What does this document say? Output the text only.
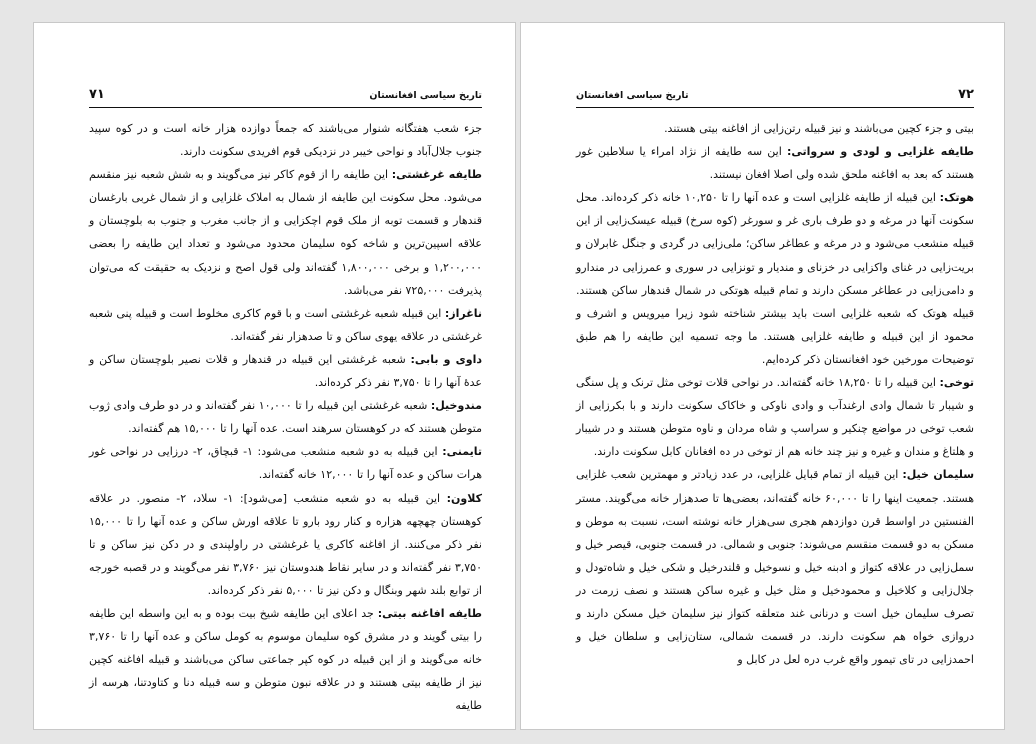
تاریخ سیاسی افغانستان
۷۱

جزء شعب هفتگانه شنوار می‌باشند که جمعاً دوازده هزار خانه است و در کوه سپید جنوب جلال‌آباد و نواحی خیبر در نزدیکی قوم افریدی سکونت دارند.

طایفه غرغشتی: این طایفه را از قوم کاکر نیز می‌گویند و به شش شعبه نیز منقسم می‌شود. محل سکونت این طایفه از شمال به املاک غلزایی و از شمال غربی بارغسان قندهار و قسمت توبه از ملک قوم اچکزایی و از جانب مغرب و جنوب به بلوچستان و علاقه اسپین‌ترین و شاخه کوه سلیمان محدود می‌شود و تعداد این طایفه را بعضی ۱,۲۰۰,۰۰۰ و برخی ۱,۸۰۰,۰۰۰ گفته‌اند ولی قول اصح و نزدیک به حقیقت که می‌توان پذیرفت ۷۲۵,۰۰۰ نفر می‌باشد.

ناغراز: این قبیله شعبه غرغشتی است و با قوم کاکری مخلوط است و قبیله پنی شعبه غرغشتی در علاقه یهوی ساکن و تا صدهزار نفر گفته‌اند.

داوی و بابی: شعبه غرغشتی این قبیله در قندهار و قلات نصیر بلوچستان ساکن و عدهٔ آنها را تا ۳,۷۵۰ نفر ذکر کرده‌اند.

مندوخیل: شعبه غرغشتی این قبیله را تا ۱۰,۰۰۰ نفر گفته‌اند و در دو طرف وادی ژوب متوطن هستند که در کوهستان سرهند است. عده آنها را تا ۱۵,۰۰۰ هم گفته‌اند.

تایمنی: این قبیله به دو شعبه منشعب می‌شود: ۱- قبچاق، ۲- درزایی در نواحی غور هرات ساکن و عده آنها را تا ۱۲,۰۰۰ خانه گفته‌اند.

کلاون: این قبیله به دو شعبه منشعب [می‌شود]: ۱- سلاد، ۲- منصور. در علاقه کوهستان چهچهه هزاره و کنار رود بارو تا علاقه اورش ساکن و عده آنها را تا ۱۵,۰۰۰ نفر ذکر می‌کنند. از افاغنه کاکری یا غرغشتی در راولپندی و در دکن نیز ساکن و تا ۳,۷۵۰ نفر گفته‌اند و در سایر نقاط هندوستان نیز ۳,۷۶۰ نفر می‌گویند و در قصبه خورجه از توابع بلند شهر وبنگال و دکن نیز تا ۵,۰۰۰ نفر ذکر کرده‌اند.

طایفه افاغنه بیتی: جد اعلای این طایفه شیخ بیت بوده و به این واسطه این طایفه را بیتی گویند و در مشرق کوه سلیمان موسوم به کومل ساکن و عده آنها را تا ۳,۷۶۰ خانه می‌گویند و از این قبیله در کوه کپر جماعتی ساکن می‌باشند و قبیله افاغنه کچین نیز از طایفه بیتی هستند و در علاقه نبون متوطن و سه قبیله دنا و کتاودتنا، هرسه از طایفه

تاریخ سیاسی افغانستان	۷۲

بیتی و جزء کچین می‌باشند و نیز قبیله رتن‌زایی از افاغنه بیتی هستند.

طایفه غلزایی و لودی و سرواتی: این سه طایفه از نژاد امراء یا سلاطین غور هستند که بعد به افاغنه ملحق شده ولی اصلا افغان نیستند.

هوتک: این قبیله از طایفه غلزایی است و عده آنها را تا ۱۰,۲۵۰ خانه ذکر کرده‌اند. محل سکونت آنها در مرغه و دو طرف باری غر و سورغر (کوه سرخ) قبیله عیسک‌زایی از این قبیله منشعب می‌شود و در مرغه و عطاغر ساکن؛ ملی‌زایی در گردی و جنگل غابرلان و بریت‌زایی در غنای واکزایی در خزنای و مندیار و تونزایی در سوری و عمرزایی در مندارو و دامی‌زایی در عطاغر مسکن دارند و تمام قبیله هوتکی در شمال قندهار ساکن هستند. قبیله هوتک که شعبه غلزایی است باید بیشتر شناخته شود زیرا میرویس و اشرف و محمود از این قبیله و طایفه غلزایی هستند. ما وجه تسمیه این طایفه را هم طبق توضیحات مورخین خود افغانستان ذکر کرده‌ایم.

توخی: این قبیله را تا ۱۸,۲۵۰ خانه گفته‌اند. در نواحی قلات توخی مثل ترنک و پل سنگی و شیبار تا شمال وادی ارغندآب و وادی ناوکی و خاکاک سکونت دارند و با بکرزایی از شعب توخی در مواضع چنکیر و سراسپ و شاه مردان و ناوه متوطن هستند و در شیبار و هلتاغ و مندان و غیره و نیز چند خانه هم از توخی در ده افغانان کابل سکونت دارند.

سلیمان خیل: این قبیله از تمام قبایل غلزایی، در عدد زیادتر و مهمترین شعب غلزایی هستند. جمعیت اینها را تا ۶۰,۰۰۰ خانه گفته‌اند، بعضی‌ها تا صدهزار خانه می‌گویند. مستر الفنستین در اواسط قرن دوازدهم هجری سی‌هزار خانه نوشته است، نسبت به موطن و مسکن به دو قسمت منقسم می‌شوند: جنوبی و شمالی. در قسمت جنوبی، قیصر خیل و سمل‌زایی در علاقه کتواز و ادبنه خیل و نسوخیل و قلندرخیل و شکی خیل و شاه‌تودل و جلال‌زایی و کلاخیل و محمودخیل و مثل خیل و غیره ساکن هستند و نصف زرمت در تصرف سلیمان خیل است و درنانی غند متعلقه کتواز نیز سلیمان خیل مسکن دارند و دروازی خواه هم سکونت دارند. در قسمت شمالی، ستان‌زایی و سلطان خیل و احمدزایی در تای تیمور واقع غرب دره لعل در کابل و
